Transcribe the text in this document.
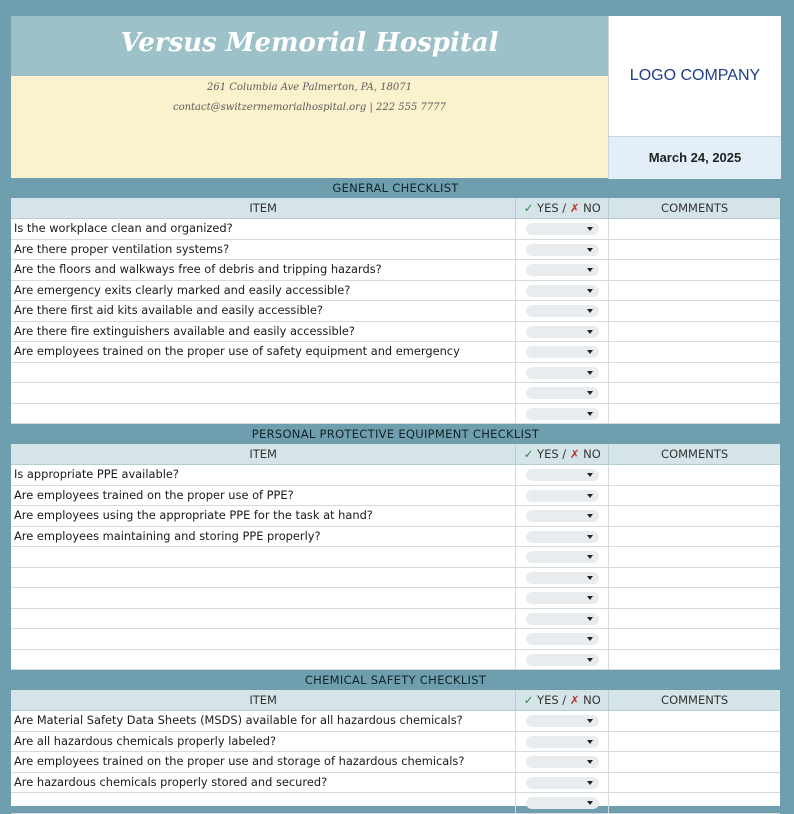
Versus Memorial Hospital
261 Columbia Ave Palmerton, PA, 18071
contact@switzermemorialhospital.org | 222 555 7777
LOGO COMPANY
March 24, 2025
GENERAL CHECKLIST
ITEM	✓ YES / ✗ NO	COMMENTS
Is the workplace clean and organized?
Are there proper ventilation systems?
Are the floors and walkways free of debris and tripping hazards?
Are emergency exits clearly marked and easily accessible?
Are there first aid kits available and easily accessible?
Are there fire extinguishers available and easily accessible?
Are employees trained on the proper use of safety equipment and emergency
PERSONAL PROTECTIVE EQUIPMENT CHECKLIST
ITEM	✓ YES / ✗ NO	COMMENTS
Is appropriate PPE available?
Are employees trained on the proper use of PPE?
Are employees using the appropriate PPE for the task at hand?
Are employees maintaining and storing PPE properly?
CHEMICAL SAFETY CHECKLIST
ITEM	✓ YES / ✗ NO	COMMENTS
Are Material Safety Data Sheets (MSDS) available for all hazardous chemicals?
Are all hazardous chemicals properly labeled?
Are employees trained on the proper use and storage of hazardous chemicals?
Are hazardous chemicals properly stored and secured?
